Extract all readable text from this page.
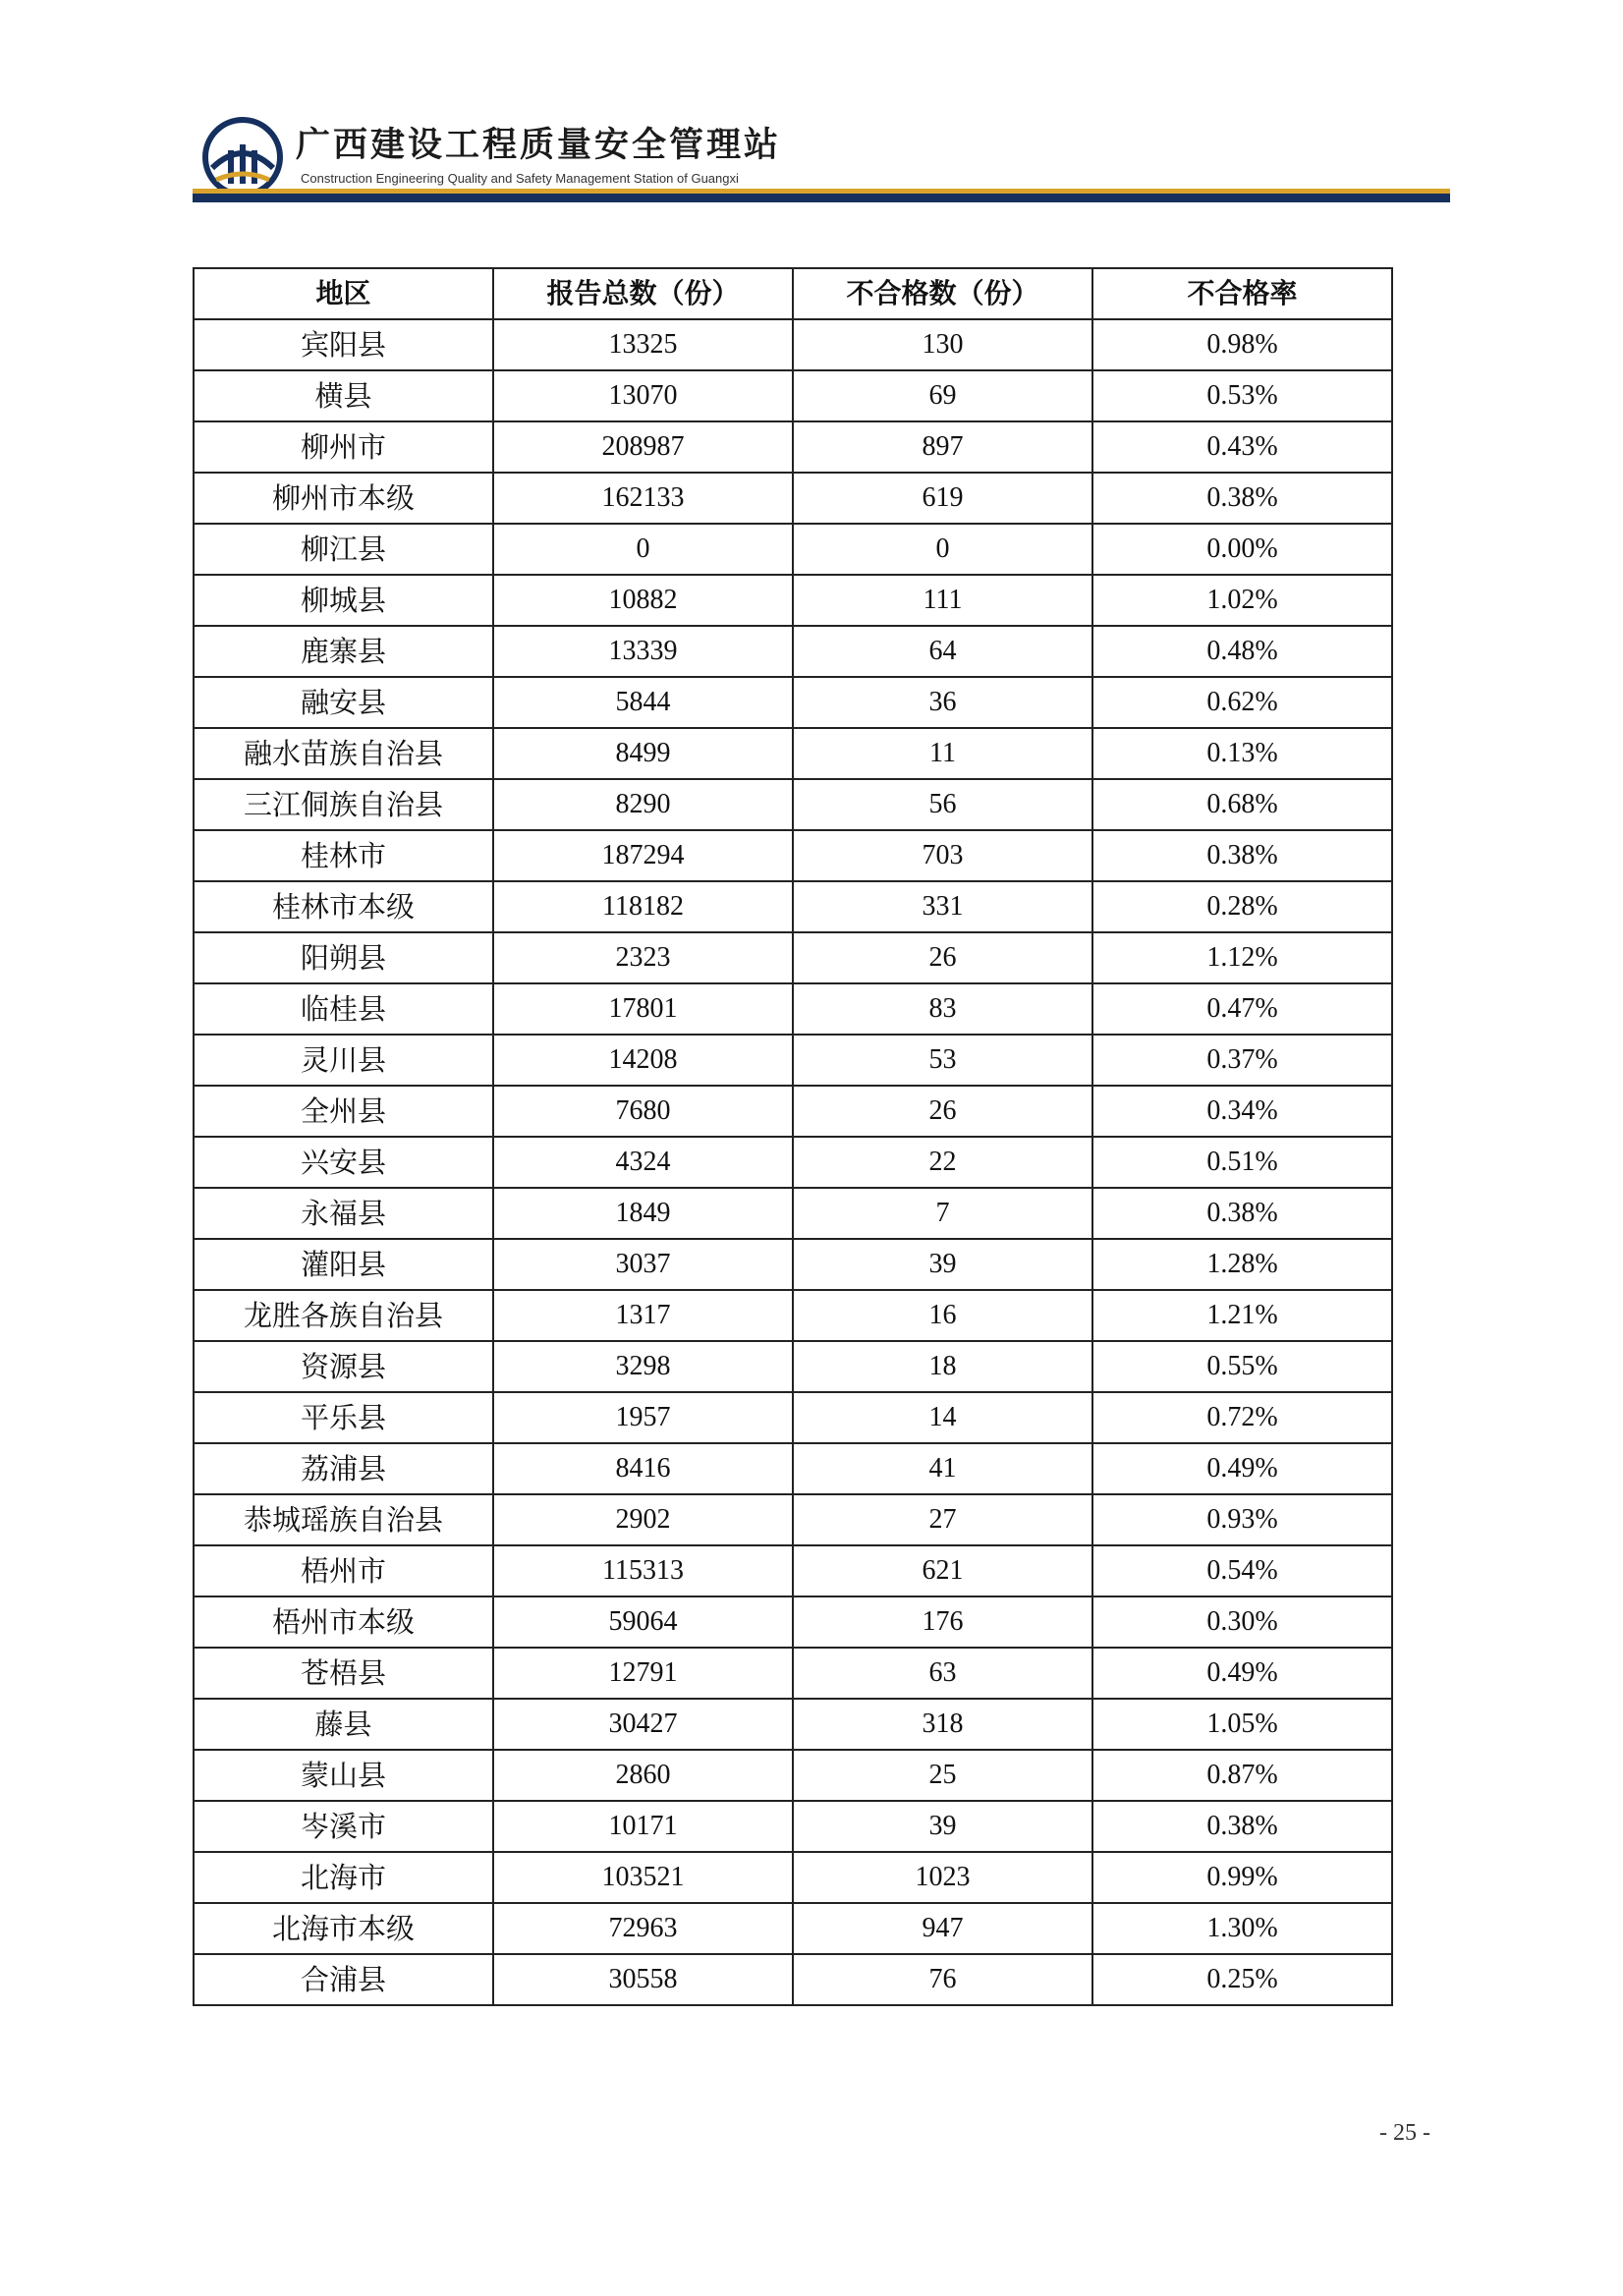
广西建设工程质量安全管理站
Construction Engineering Quality and Safety Management Station of Guangxi
地区	报告总数（份）	不合格数（份）	不合格率
宾阳县	13325	130	0.98%
横县	13070	69	0.53%
柳州市	208987	897	0.43%
柳州市本级	162133	619	0.38%
柳江县	0	0	0.00%
柳城县	10882	111	1.02%
鹿寨县	13339	64	0.48%
融安县	5844	36	0.62%
融水苗族自治县	8499	11	0.13%
三江侗族自治县	8290	56	0.68%
桂林市	187294	703	0.38%
桂林市本级	118182	331	0.28%
阳朔县	2323	26	1.12%
临桂县	17801	83	0.47%
灵川县	14208	53	0.37%
全州县	7680	26	0.34%
兴安县	4324	22	0.51%
永福县	1849	7	0.38%
灌阳县	3037	39	1.28%
龙胜各族自治县	1317	16	1.21%
资源县	3298	18	0.55%
平乐县	1957	14	0.72%
荔浦县	8416	41	0.49%
恭城瑶族自治县	2902	27	0.93%
梧州市	115313	621	0.54%
梧州市本级	59064	176	0.30%
苍梧县	12791	63	0.49%
藤县	30427	318	1.05%
蒙山县	2860	25	0.87%
岑溪市	10171	39	0.38%
北海市	103521	1023	0.99%
北海市本级	72963	947	1.30%
合浦县	30558	76	0.25%
- 25 -
